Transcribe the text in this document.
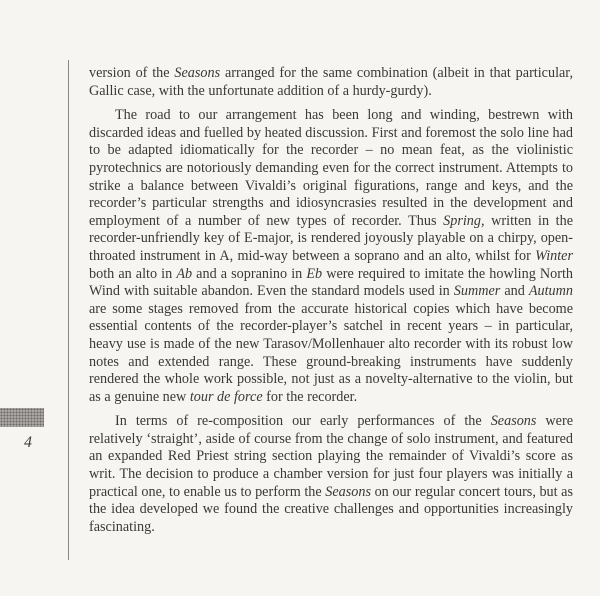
4

version of the Seasons arranged for the same combination (albeit in that particular, Gallic case, with the unfortunate addition of a hurdy-gurdy).

The road to our arrangement has been long and winding, bestrewn with discarded ideas and fuelled by heated discussion. First and foremost the solo line had to be adapted idiomatically for the recorder – no mean feat, as the violinistic pyrotechnics are notoriously demanding even for the correct instrument. Attempts to strike a balance between Vivaldi’s original figurations, range and keys, and the recorder’s particular strengths and idiosyncrasies resulted in the development and employment of a number of new types of recorder. Thus Spring, written in the recorder-unfriendly key of E-major, is rendered joyously playable on a chirpy, open-throated instrument in A, mid-way between a soprano and an alto, whilst for Winter both an alto in Ab and a sopranino in Eb were required to imitate the howling North Wind with suitable abandon. Even the standard models used in Summer and Autumn are some stages removed from the accurate historical copies which have become essential contents of the recorder-player’s satchel in recent years – in particular, heavy use is made of the new Tarasov/Mollenhauer alto recorder with its robust low notes and extended range. These ground-breaking instruments have suddenly rendered the whole work possible, not just as a novelty-alternative to the violin, but as a genuine new tour de force for the recorder.

In terms of re-composition our early performances of the Seasons were relatively ‘straight’, aside of course from the change of solo instrument, and featured an expanded Red Priest string section playing the remainder of Vivaldi’s score as writ. The decision to produce a chamber version for just four players was initially a practical one, to enable us to perform the Seasons on our regular concert tours, but as the idea developed we found the creative challenges and opportunities increasingly fascinating.
